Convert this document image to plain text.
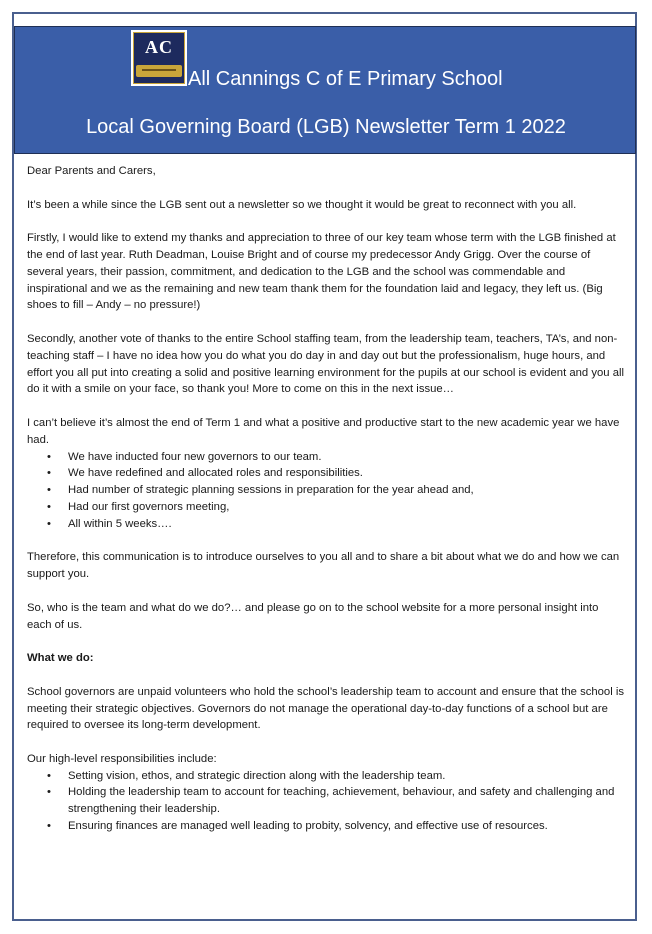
AC
All Cannings C of E Primary School
Local Governing Board (LGB) Newsletter Term 1 2022

Dear Parents and Carers,

It’s been a while since the LGB sent out a newsletter so we thought it would be great to reconnect with you all.

Firstly, I would like to extend my thanks and appreciation to three of our key team whose term with the LGB finished at the end of last year. Ruth Deadman, Louise Bright and of course my predecessor Andy Grigg. Over the course of several years, their passion, commitment, and dedication to the LGB and the school was commendable and inspirational and we as the remaining and new team thank them for the foundation laid and legacy, they left us. (Big shoes to fill – Andy – no pressure!)

Secondly, another vote of thanks to the entire School staffing team, from the leadership team, teachers, TA’s, and non-teaching staff – I have no idea how you do what you do day in and day out but the professionalism, huge hours, and effort you all put into creating a solid and positive learning environment for the pupils at our school is evident and you all do it with a smile on your face, so thank you! More to come on this in the next issue…

I can’t believe it’s almost the end of Term 1 and what a positive and productive start to the new academic year we have had.

• We have inducted four new governors to our team.
• We have redefined and allocated roles and responsibilities.
• Had number of strategic planning sessions in preparation for the year ahead and,
• Had our first governors meeting,
• All within 5 weeks….

Therefore, this communication is to introduce ourselves to you all and to share a bit about what we do and how we can support you.

So, who is the team and what do we do?… and please go on to the school website for a more personal insight into each of us.

What we do:

School governors are unpaid volunteers who hold the school’s leadership team to account and ensure that the school is meeting their strategic objectives. Governors do not manage the operational day-to-day functions of a school but are required to oversee its long-term development.

Our high-level responsibilities include:

• Setting vision, ethos, and strategic direction along with the leadership team.
• Holding the leadership team to account for teaching, achievement, behaviour, and safety and challenging and strengthening their leadership.
• Ensuring finances are managed well leading to probity, solvency, and effective use of resources.
